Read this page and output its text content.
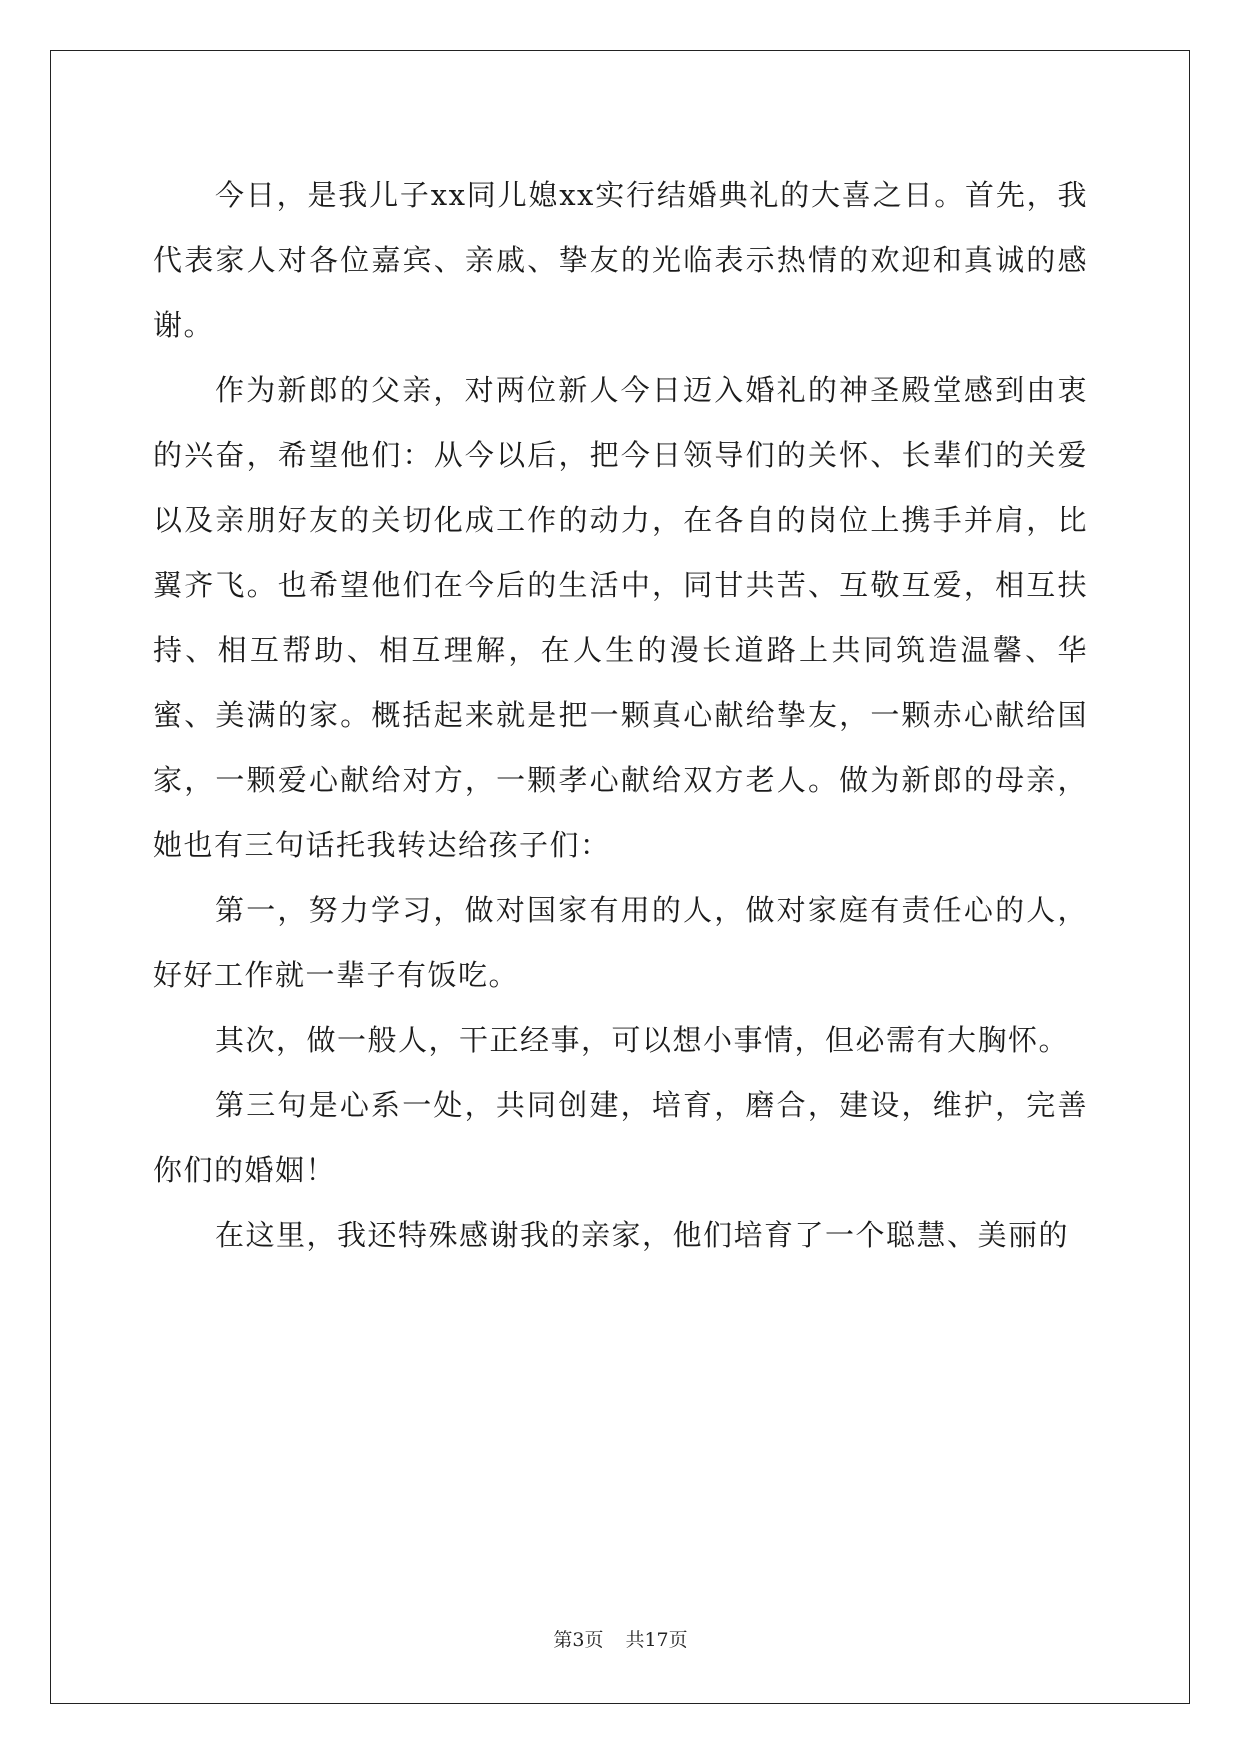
今日，是我儿子xx同儿媳xx实行结婚典礼的大喜之日。首先，我代表家人对各位嘉宾、亲戚、挚友的光临表示热情的欢迎和真诚的感谢。

作为新郎的父亲，对两位新人今日迈入婚礼的神圣殿堂感到由衷的兴奋，希望他们：从今以后，把今日领导们的关怀、长辈们的关爱以及亲朋好友的关切化成工作的动力，在各自的岗位上携手并肩，比翼齐飞。也希望他们在今后的生活中，同甘共苦、互敬互爱，相互扶持、相互帮助、相互理解，在人生的漫长道路上共同筑造温馨、华蜜、美满的家。概括起来就是把一颗真心献给挚友，一颗赤心献给国家，一颗爱心献给对方，一颗孝心献给双方老人。做为新郎的母亲，她也有三句话托我转达给孩子们：

第一，努力学习，做对国家有用的人，做对家庭有责任心的人，好好工作就一辈子有饭吃。

其次，做一般人，干正经事，可以想小事情，但必需有大胸怀。

第三句是心系一处，共同创建，培育，磨合，建设，维护，完善你们的婚姻！

在这里，我还特殊感谢我的亲家，他们培育了一个聪慧、美丽的

第3页 共17页
